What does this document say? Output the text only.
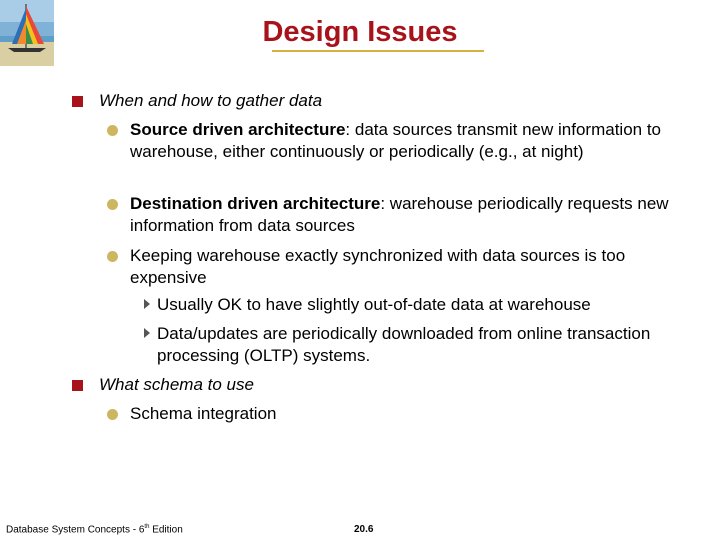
Design Issues
When and how to gather data
Source driven architecture: data sources transmit new information to warehouse, either continuously or periodically (e.g., at night)
Destination driven architecture: warehouse periodically requests new information from data sources
Keeping warehouse exactly synchronized with data sources is too expensive
Usually OK to have slightly out-of-date data at warehouse
Data/updates are periodically downloaded from online transaction processing (OLTP) systems.
What schema to use
Schema integration
Database System Concepts - 6th Edition	20.6
